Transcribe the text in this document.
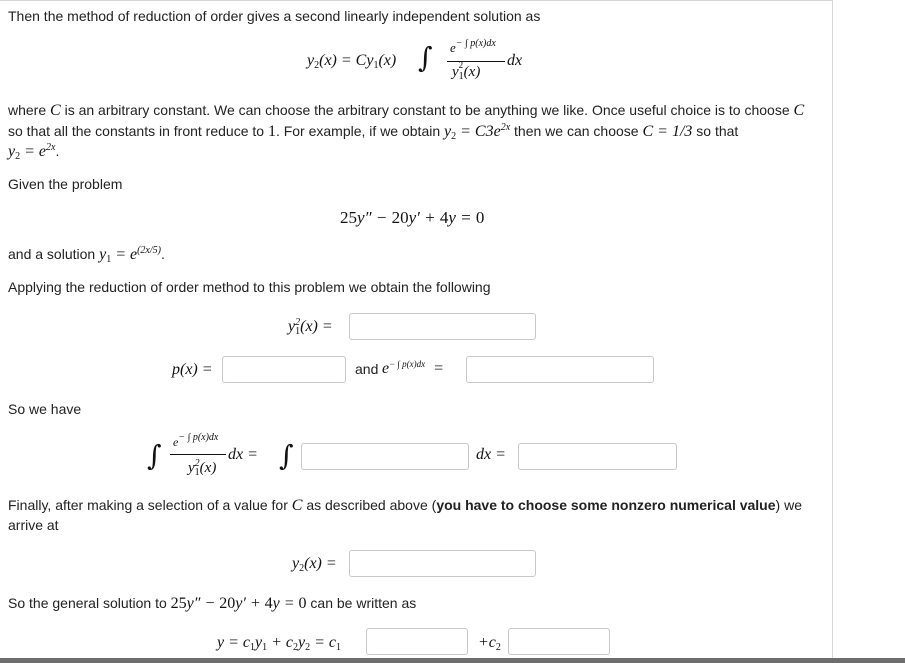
Then the method of reduction of order gives a second linearly independent solution as
$y_2(x) = Cy_1(x)$ ∫ $e^{- \int p(x)dx}$
y $_{2 1}$(x)
dx
where C is an arbitrary constant. We can choose the arbitrary constant to be anything we like. Once useful choice is to choose C
so that all the constants in front reduce to 1. For example, if we obtain $y_2 = C3e^{2x}$ then we can choose C = 1/3 so that
$y_2 = e^{2x}$.
Given the problem
25y″ − 20y′ + 4y = 0
and a solution $y_1 = e^{(2x/5)}$.
Applying the reduction of order method to this problem we obtain the following
$y_1^2(x)$ =
p(x) =	and $e^{- \int p(x)dx}$  =
So we have
∫ $e^{- \int p(x)dx}$
$y_1^2(x)$
dx = ∫	dx =
Finally, after making a selection of a value for C as described above (you have to choose some nonzero numerical value) we
arrive at
$y_2(x)$ =
So the general solution to 25y″ − 20y′ + 4y = 0 can be written as
$y = c_1y_1 + c_2y_2 = c_1$	$+c_2$
